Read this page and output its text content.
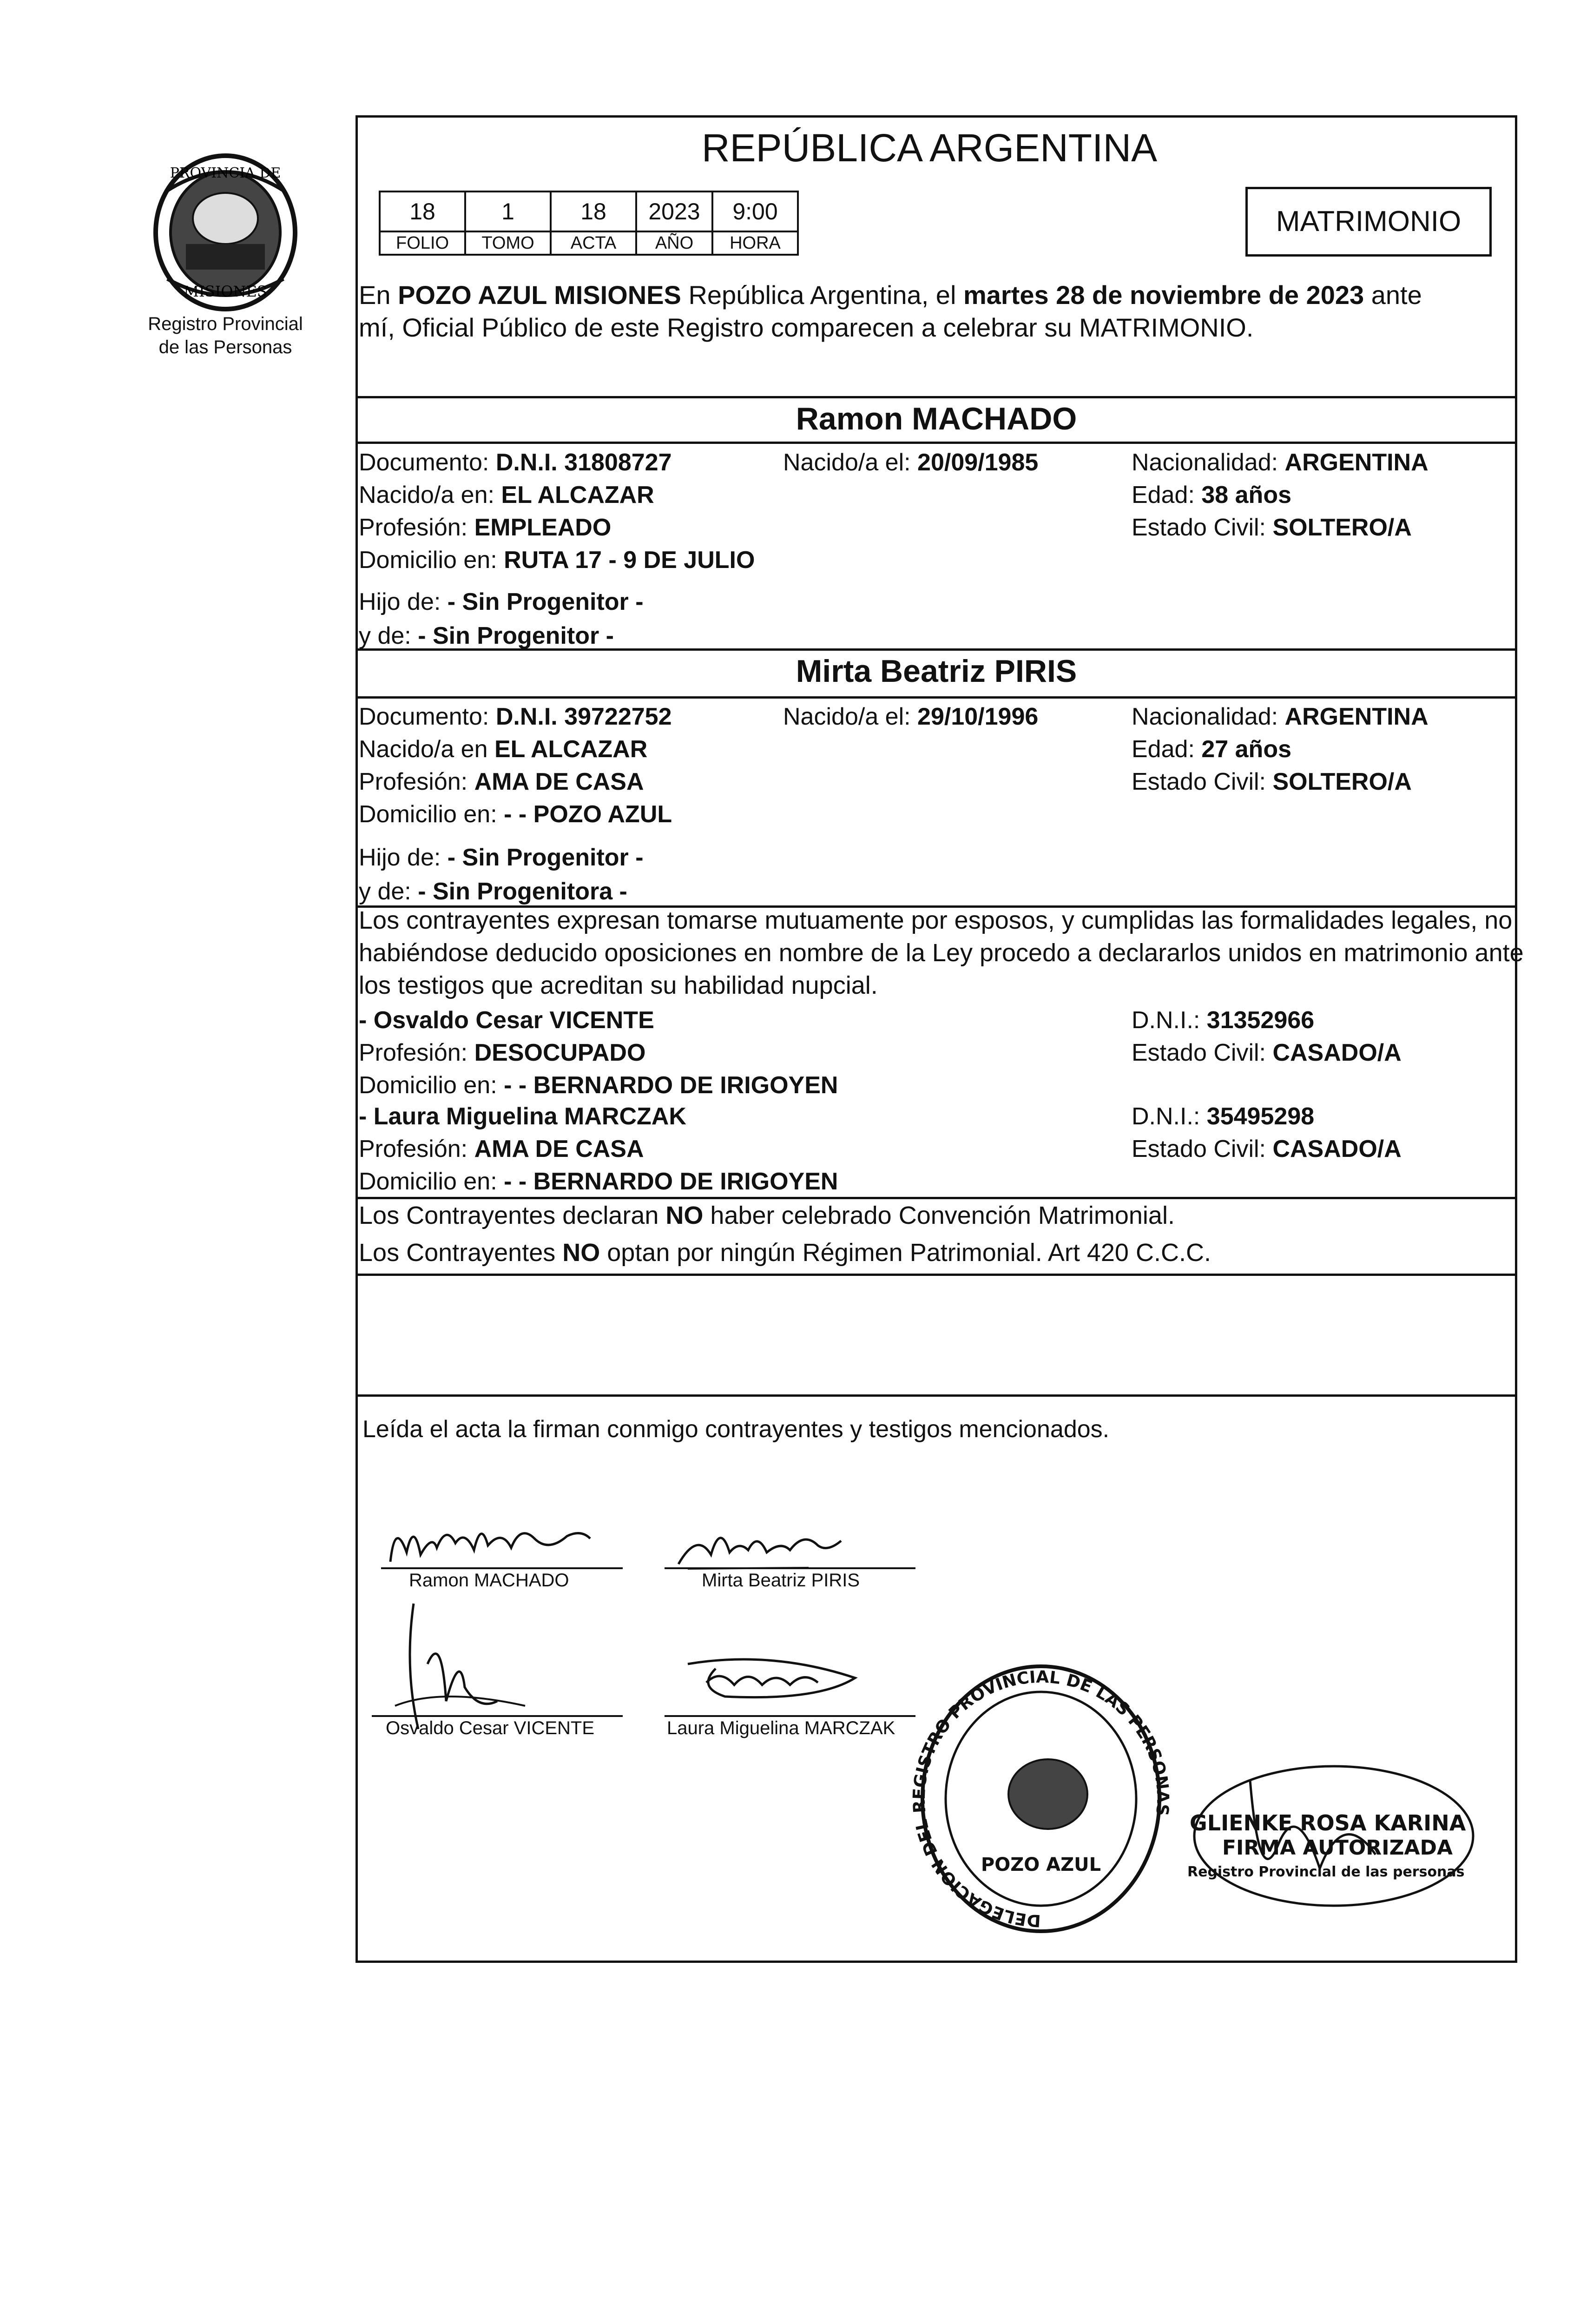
PROVINCIA DE
MISIONES
Registro Provincial
de las Personas
REPÚBLICA ARGENTINA
18	1	18	2023	9:00
FOLIO	TOMO	ACTA	AÑO	HORA
MATRIMONIO
En POZO AZUL MISIONES República Argentina, el martes 28 de noviembre de 2023 ante
mí, Oficial Público de este Registro comparecen a celebrar su MATRIMONIO.
Ramon MACHADO
Documento: D.N.I. 31808727	Nacido/a el: 20/09/1985	Nacionalidad: ARGENTINA
Nacido/a en: EL ALCAZAR	Edad: 38 años
Profesión: EMPLEADO	Estado Civil: SOLTERO/A
Domicilio en: RUTA 17 - 9 DE JULIO
Hijo de: - Sin Progenitor -
y de: - Sin Progenitor -
Mirta Beatriz PIRIS
Documento: D.N.I. 39722752	Nacido/a el: 29/10/1996	Nacionalidad: ARGENTINA
Nacido/a en EL ALCAZAR	Edad: 27 años
Profesión: AMA DE CASA	Estado Civil: SOLTERO/A
Domicilio en: - - POZO AZUL
Hijo de: - Sin Progenitor -
y de: - Sin Progenitora -
Los contrayentes expresan tomarse mutuamente por esposos, y cumplidas las formalidades legales, no
habiéndose deducido oposiciones en nombre de la Ley procedo a declararlos unidos en matrimonio ante
los testigos que acreditan su habilidad nupcial.
- Osvaldo Cesar VICENTE	D.N.I.: 31352966
Profesión: DESOCUPADO	Estado Civil: CASADO/A
Domicilio en: - - BERNARDO DE IRIGOYEN
- Laura Miguelina MARCZAK	D.N.I.: 35495298
Profesión: AMA DE CASA	Estado Civil: CASADO/A
Domicilio en: - - BERNARDO DE IRIGOYEN
Los Contrayentes declaran NO haber celebrado Convención Matrimonial.
Los Contrayentes NO optan por ningún Régimen Patrimonial. Art 420 C.C.C.
Leída el acta la firman conmigo contrayentes y testigos mencionados.
Ramon MACHADO	Mirta Beatriz PIRIS
Osvaldo Cesar VICENTE	Laura Miguelina MARCZAK
DELEGACION DEL REGISTRO PROVINCIAL DE LAS PERSONAS
POZO AZUL
GLIENKE ROSA KARINA
FIRMA AUTORIZADA
Registro Provincial de las personas
